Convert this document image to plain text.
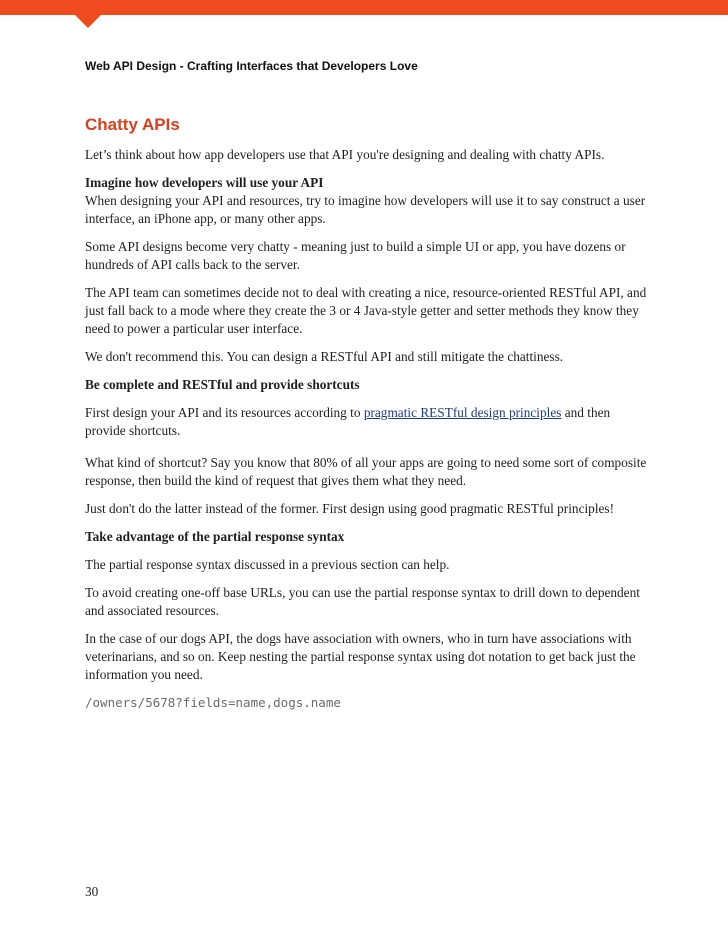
Web API Design - Crafting Interfaces that Developers Love
Chatty APIs

Let’s think about how app developers use that API you're designing and dealing with chatty APIs.

Imagine how developers will use your API
When designing your API and resources, try to imagine how developers will use it to say construct a user interface, an iPhone app, or many other apps.

Some API designs become very chatty - meaning just to build a simple UI or app, you have dozens or hundreds of API calls back to the server.

The API team can sometimes decide not to deal with creating a nice, resource-oriented RESTful API, and just fall back to a mode where they create the 3 or 4 Java-style getter and setter methods they know they need to power a particular user interface.

We don't recommend this. You can design a RESTful API and still mitigate the chattiness.

Be complete and RESTful and provide shortcuts

First design your API and its resources according to pragmatic RESTful design principles and then provide shortcuts.

What kind of shortcut? Say you know that 80% of all your apps are going to need some sort of composite response, then build the kind of request that gives them what they need.

Just don't do the latter instead of the former. First design using good pragmatic RESTful principles!

Take advantage of the partial response syntax

The partial response syntax discussed in a previous section can help.

To avoid creating one-off base URLs, you can use the partial response syntax to drill down to dependent and associated resources.

In the case of our dogs API, the dogs have association with owners, who in turn have associations with veterinarians, and so on. Keep nesting the partial response syntax using dot notation to get back just the information you need.

/owners/5678?fields=name,dogs.name

30
